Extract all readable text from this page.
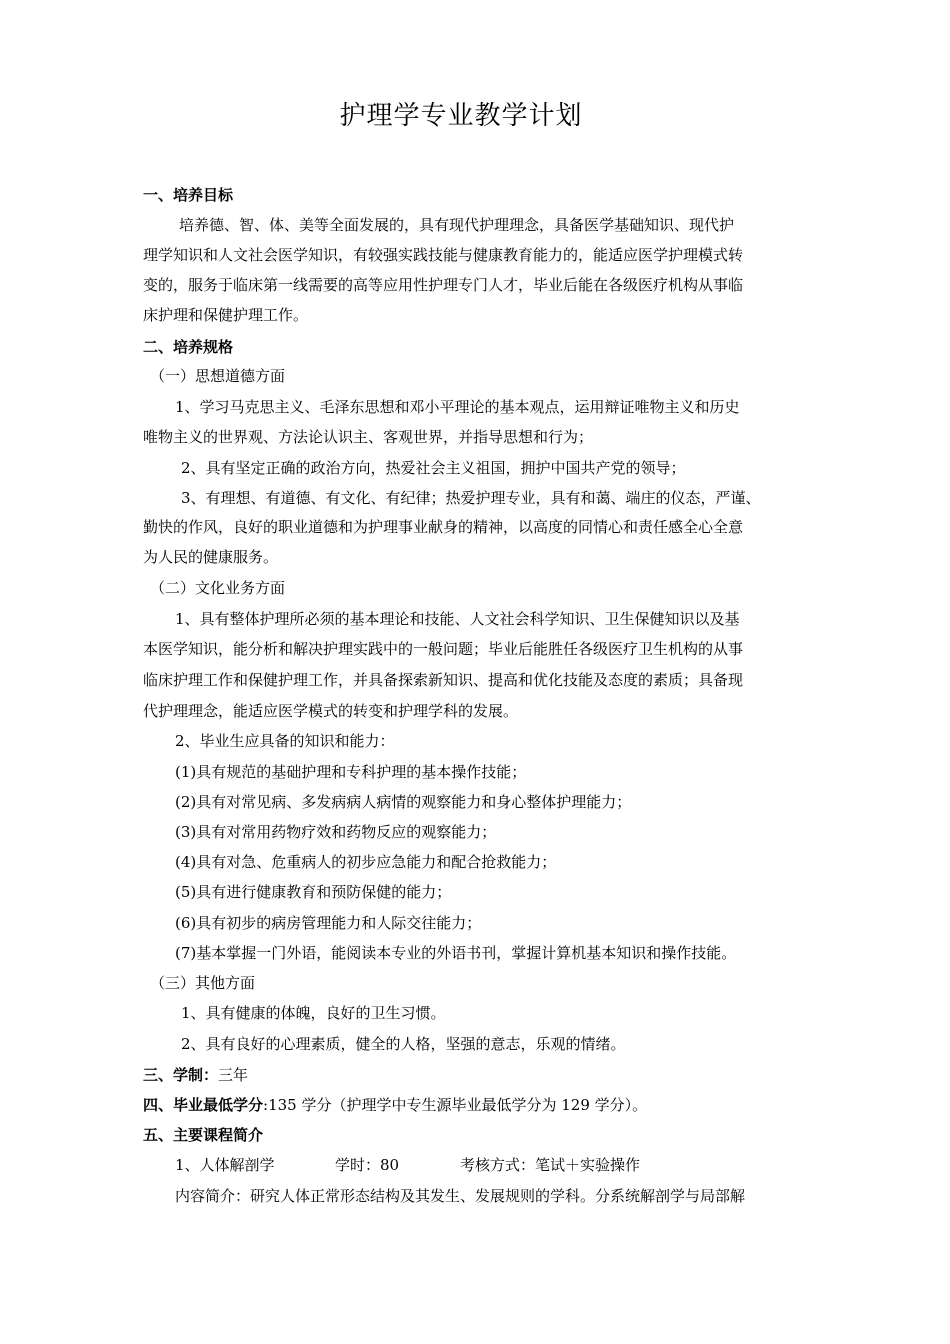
护理学专业教学计划
一、培养目标
培养德、智、体、美等全面发展的，具有现代护理理念，具备医学基础知识、现代护
理学知识和人文社会医学知识，有较强实践技能与健康教育能力的，能适应医学护理模式转
变的，服务于临床第一线需要的高等应用性护理专门人才，毕业后能在各级医疗机构从事临
床护理和保健护理工作。
二、培养规格
（一）思想道德方面
1、学习马克思主义、毛泽东思想和邓小平理论的基本观点，运用辩证唯物主义和历史
唯物主义的世界观、方法论认识主、客观世界，并指导思想和行为；
2、具有坚定正确的政治方向，热爱社会主义祖国，拥护中国共产党的领导；
3、有理想、有道德、有文化、有纪律；热爱护理专业，具有和蔼、端庄的仪态，严谨、
勤快的作风，良好的职业道德和为护理事业献身的精神，以高度的同情心和责任感全心全意
为人民的健康服务。
（二）文化业务方面
1、具有整体护理所必须的基本理论和技能、人文社会科学知识、卫生保健知识以及基
本医学知识，能分析和解决护理实践中的一般问题；毕业后能胜任各级医疗卫生机构的从事
临床护理工作和保健护理工作，并具备探索新知识、提高和优化技能及态度的素质；具备现
代护理理念，能适应医学模式的转变和护理学科的发展。
2、毕业生应具备的知识和能力：
(1)具有规范的基础护理和专科护理的基本操作技能；
(2)具有对常见病、多发病病人病情的观察能力和身心整体护理能力；
(3)具有对常用药物疗效和药物反应的观察能力；
(4)具有对急、危重病人的初步应急能力和配合抢救能力；
(5)具有进行健康教育和预防保健的能力；
(6)具有初步的病房管理能力和人际交往能力；
(7)基本掌握一门外语，能阅读本专业的外语书刊，掌握计算机基本知识和操作技能。
（三）其他方面
1、具有健康的体魄，良好的卫生习惯。
2、具有良好的心理素质，健全的人格，坚强的意志，乐观的情绪。
三、学制：三年
四、毕业最低学分:135 学分（护理学中专生源毕业最低学分为 129 学分）。
五、主要课程简介
1、人体解剖学	学时：80	考核方式：笔试＋实验操作
内容简介：研究人体正常形态结构及其发生、发展规则的学科。分系统解剖学与局部解
